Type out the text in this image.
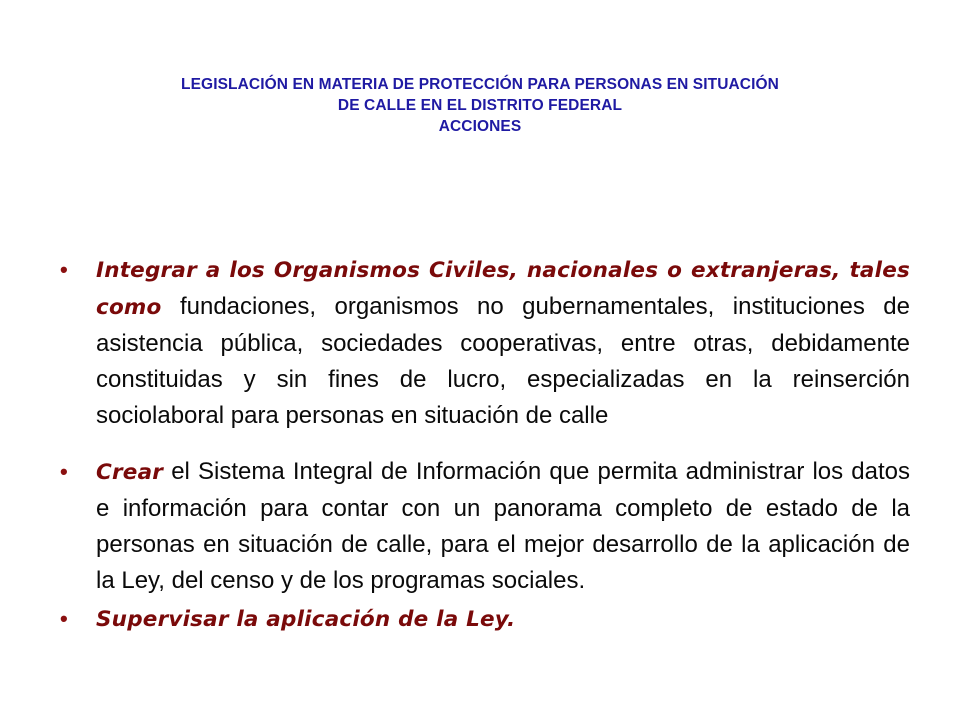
LEGISLACIÓN EN MATERIA DE PROTECCIÓN PARA PERSONAS EN SITUACIÓN
DE CALLE EN EL DISTRITO FEDERAL
ACCIONES
•	Integrar a los Organismos Civiles, nacionales o extranjeras, tales como fundaciones, organismos no gubernamentales, instituciones de asistencia pública, sociedades cooperativas, entre otras, debidamente constituidas y sin fines de lucro, especializadas en la reinserción sociolaboral para personas en situación de calle
•	Crear el Sistema Integral de Información que permita administrar los datos e información para contar con un panorama completo de estado de la personas en situación de calle, para el mejor desarrollo de la aplicación de la Ley, del censo y de los programas sociales.
•	Supervisar la aplicación de la Ley.
